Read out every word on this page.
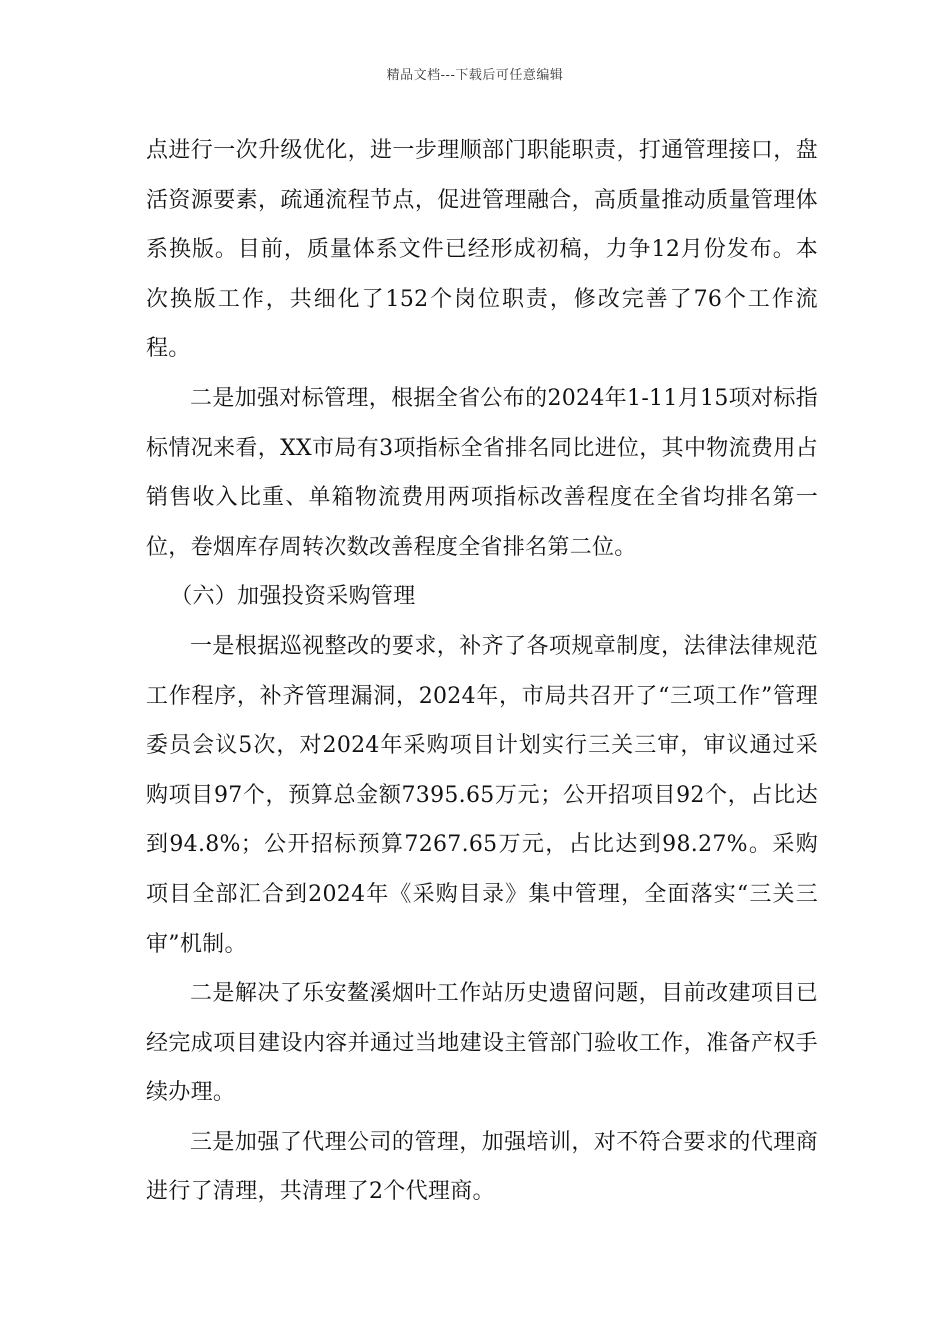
精品文档---下载后可任意编辑

点进行一次升级优化，进一步理顺部门职能职责，打通管理接口，盘活资源要素，疏通流程节点，促进管理融合，高质量推动质量管理体系换版。目前，质量体系文件已经形成初稿，力争12月份发布。本次换版工作，共细化了152个岗位职责，修改完善了76个工作流程。

二是加强对标管理，根据全省公布的2024年1-11月15项对标指标情况来看，XX市局有3项指标全省排名同比进位，其中物流费用占销售收入比重、单箱物流费用两项指标改善程度在全省均排名第一位，卷烟库存周转次数改善程度全省排名第二位。

（六）加强投资采购管理

一是根据巡视整改的要求，补齐了各项规章制度，法律法律规范工作程序，补齐管理漏洞，2024年，市局共召开了“三项工作”管理委员会议5次，对2024年采购项目计划实行三关三审，审议通过采购项目97个，预算总金额7395.65万元；公开招项目92个，占比达到94.8%；公开招标预算7267.65万元，占比达到98.27%。采购项目全部汇合到2024年《采购目录》集中管理，全面落实“三关三审”机制。

二是解决了乐安鳌溪烟叶工作站历史遗留问题，目前改建项目已经完成项目建设内容并通过当地建设主管部门验收工作，准备产权手续办理。

三是加强了代理公司的管理，加强培训，对不符合要求的代理商进行了清理，共清理了2个代理商。
